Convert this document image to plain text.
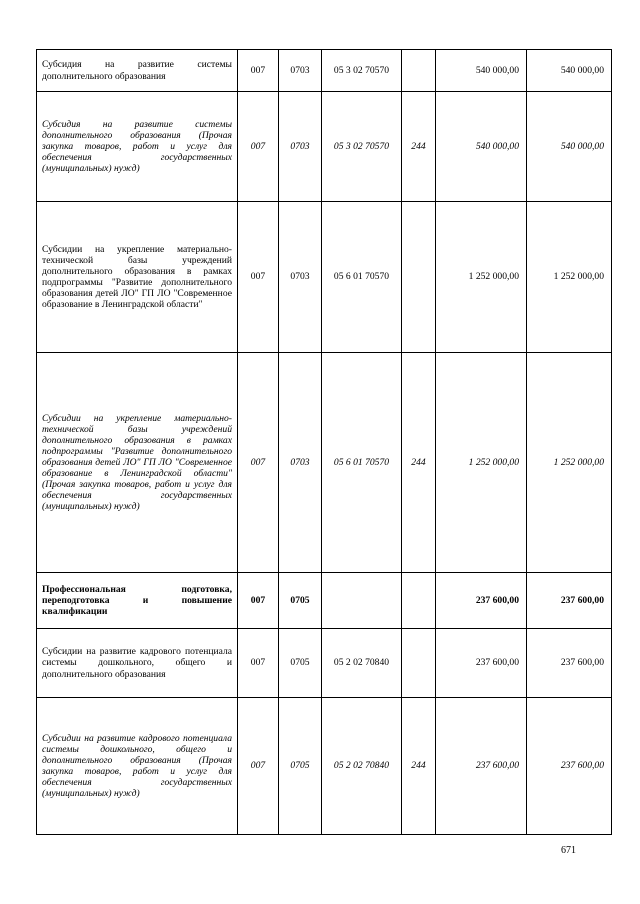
Субсидия на развитие системы дополнительного образования	007	0703	05 3 02 70570		540 000,00	540 000,00
Субсидия на развитие системы дополнительного образования (Прочая закупка товаров, работ и услуг для обеспечения государственных (муниципальных) нужд)	007	0703	05 3 02 70570	244	540 000,00	540 000,00
Субсидии на укрепление материально-технической базы учреждений дополнительного образования в рамках подпрограммы "Развитие дополнительного образования детей ЛО" ГП ЛО "Современное образование в Ленинградской области"	007	0703	05 6 01 70570		1 252 000,00	1 252 000,00
Субсидии на укрепление материально-технической базы учреждений дополнительного образования в рамках подпрограммы "Развитие дополнительного образования детей ЛО" ГП ЛО "Современное образование в Ленинградской области" (Прочая закупка товаров, работ и услуг для обеспечения государственных (муниципальных) нужд)	007	0703	05 6 01 70570	244	1 252 000,00	1 252 000,00
Профессиональная подготовка, переподготовка и повышение квалификации	007	0705			237 600,00	237 600,00
Субсидии на развитие кадрового потенциала системы дошкольного, общего и дополнительного образования	007	0705	05 2 02 70840		237 600,00	237 600,00
Субсидии на развитие кадрового потенциала системы дошкольного, общего и дополнительного образования (Прочая закупка товаров, работ и услуг для обеспечения государственных (муниципальных) нужд)	007	0705	05 2 02 70840	244	237 600,00	237 600,00
671
